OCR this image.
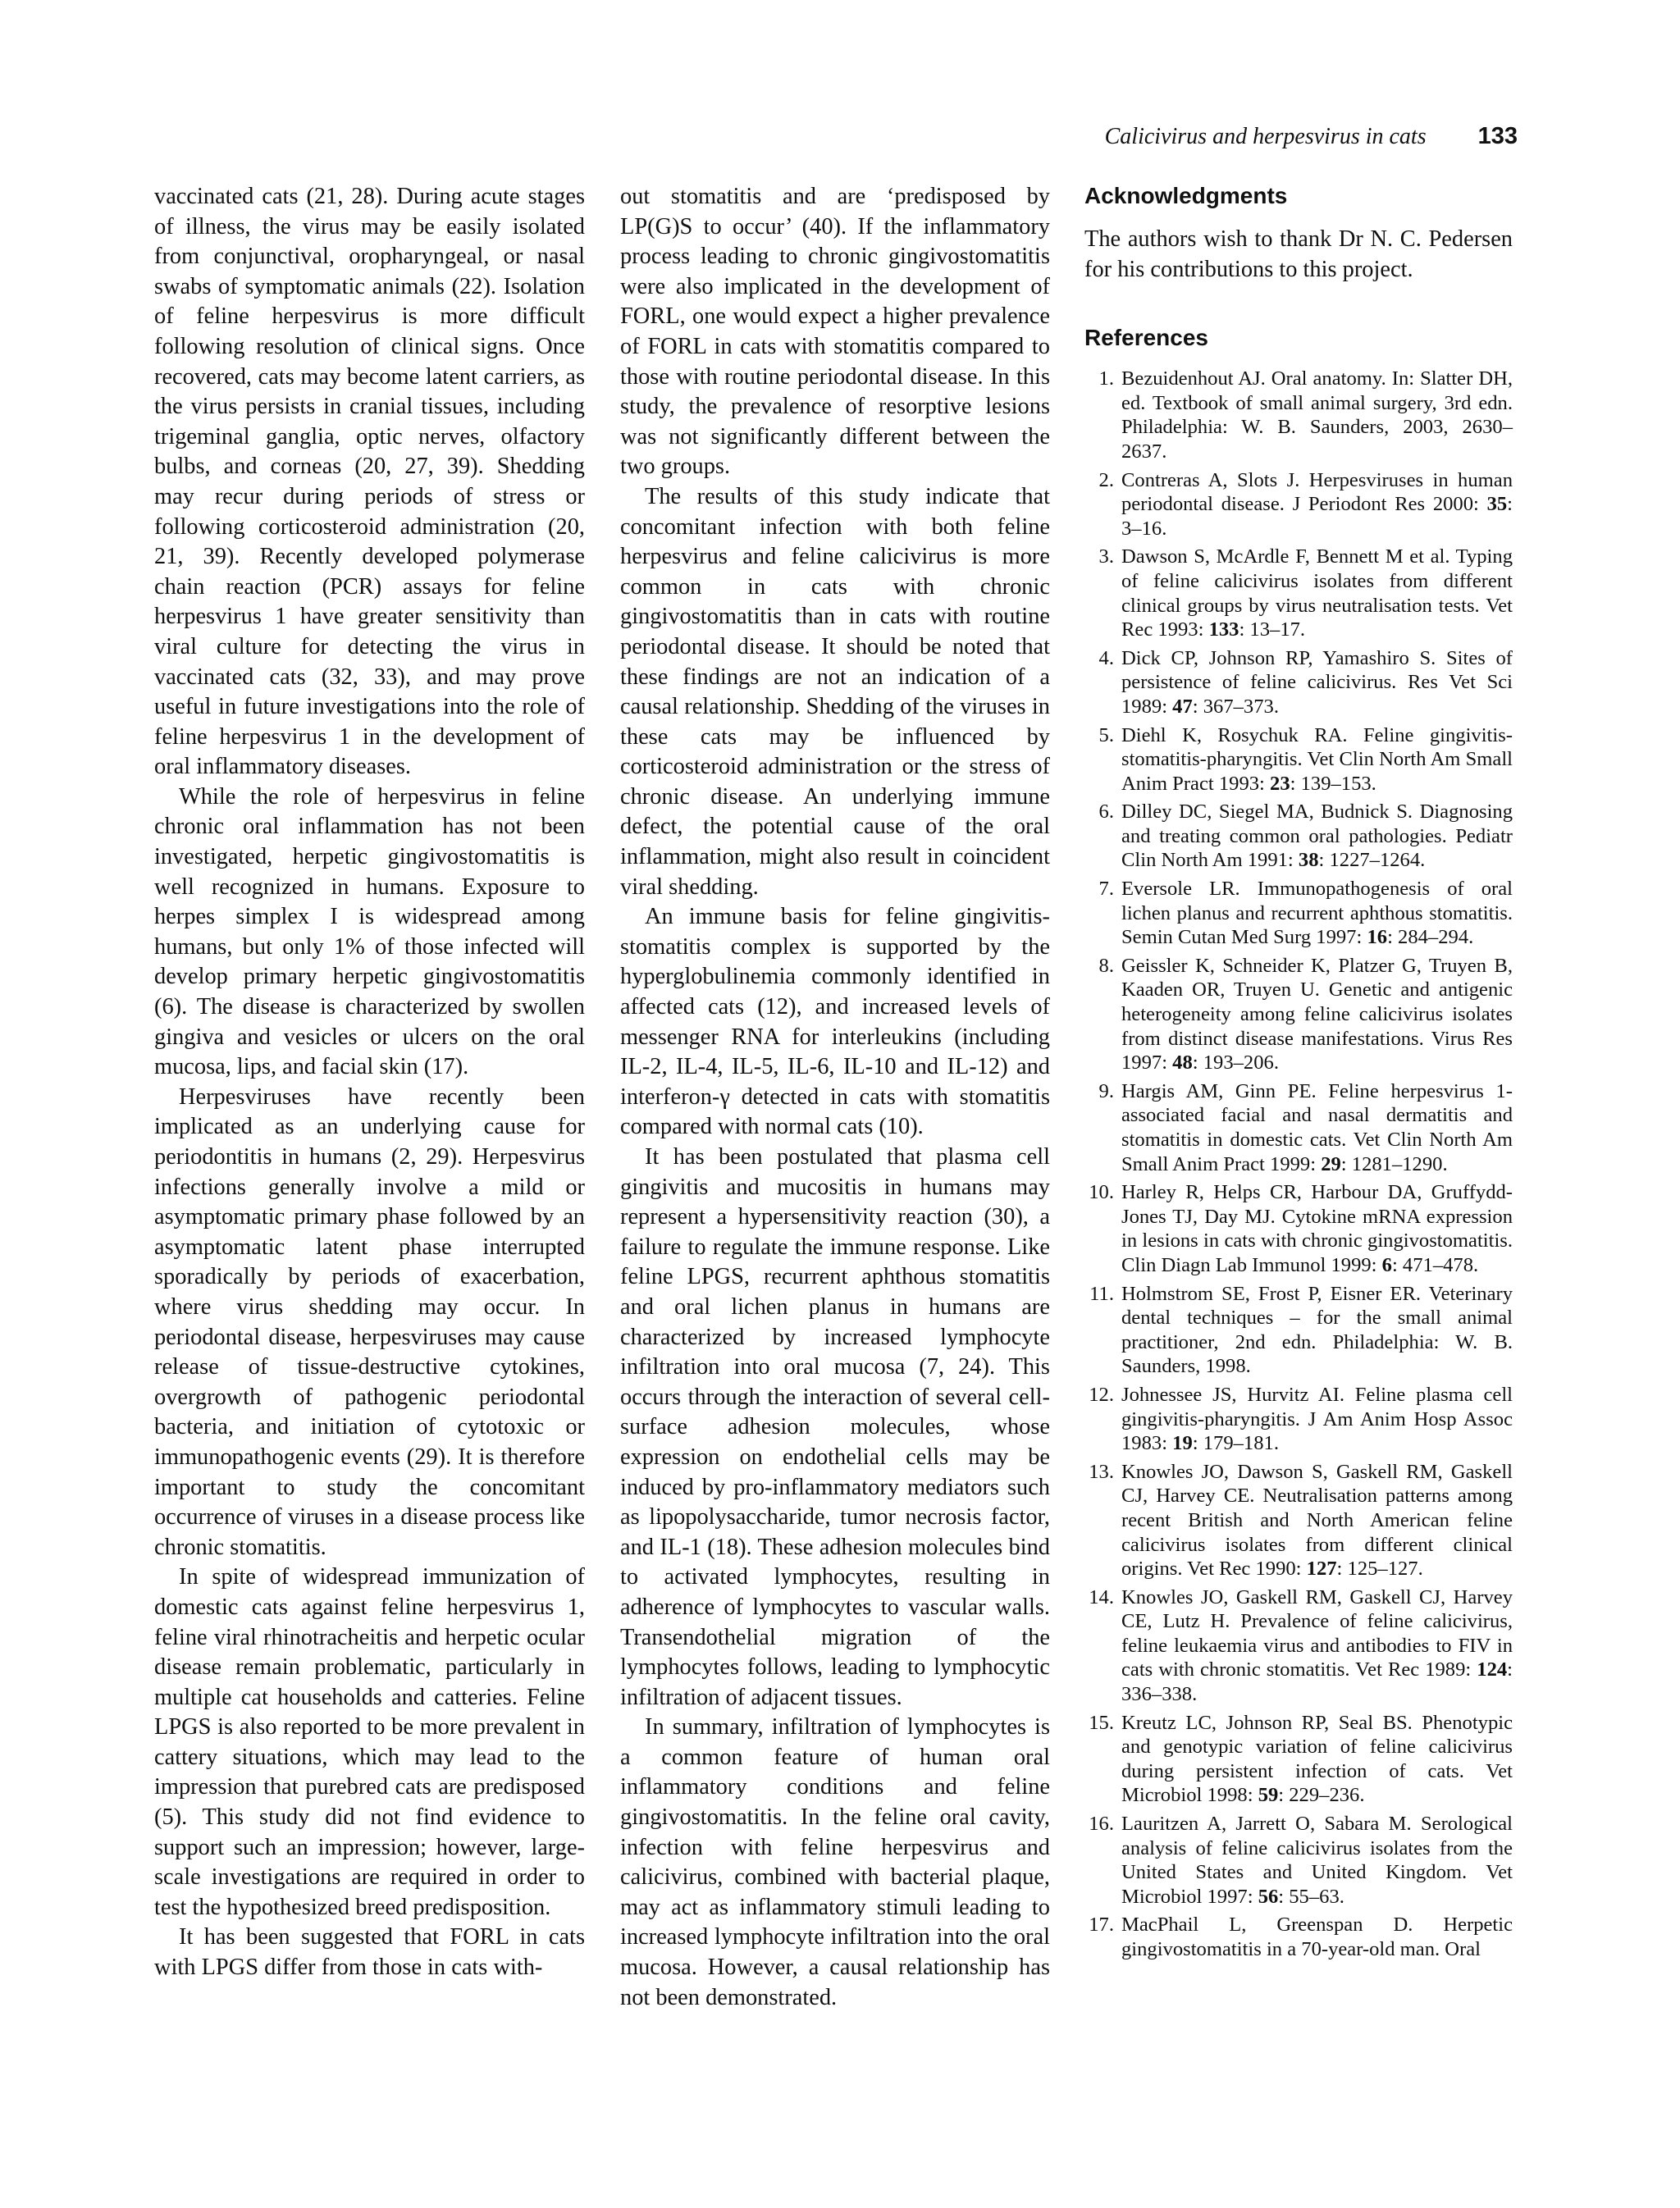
Calicivirus and herpesvirus in cats 133

vaccinated cats (21, 28). During acute stages of illness, the virus may be easily isolated from conjunctival, oropharyngeal, or nasal swabs of symptomatic animals (22). Isolation of feline herpesvirus is more difficult following resolution of clinical signs. Once recovered, cats may become latent carriers, as the virus persists in cranial tissues, including trigeminal ganglia, optic nerves, olfactory bulbs, and corneas (20, 27, 39). Shedding may recur during periods of stress or following corticosteroid administration (20, 21, 39). Recently developed polymerase chain reaction (PCR) assays for feline herpesvirus 1 have greater sensitivity than viral culture for detecting the virus in vaccinated cats (32, 33), and may prove useful in future investigations into the role of feline herpesvirus 1 in the development of oral inflammatory diseases.

While the role of herpesvirus in feline chronic oral inflammation has not been investigated, herpetic gingivostomatitis is well recognized in humans. Exposure to herpes simplex I is widespread among humans, but only 1% of those infected will develop primary herpetic gingivostomatitis (6). The disease is characterized by swollen gingiva and vesicles or ulcers on the oral mucosa, lips, and facial skin (17).

Herpesviruses have recently been implicated as an underlying cause for periodontitis in humans (2, 29). Herpesvirus infections generally involve a mild or asymptomatic primary phase followed by an asymptomatic latent phase interrupted sporadically by periods of exacerbation, where virus shedding may occur. In periodontal disease, herpesviruses may cause release of tissue-destructive cytokines, overgrowth of pathogenic periodontal bacteria, and initiation of cytotoxic or immunopathogenic events (29). It is therefore important to study the concomitant occurrence of viruses in a disease process like chronic stomatitis.

In spite of widespread immunization of domestic cats against feline herpesvirus 1, feline viral rhinotracheitis and herpetic ocular disease remain problematic, particularly in multiple cat households and catteries. Feline LPGS is also reported to be more prevalent in cattery situations, which may lead to the impression that purebred cats are predisposed (5). This study did not find evidence to support such an impression; however, large-scale investigations are required in order to test the hypothesized breed predisposition.

It has been suggested that FORL in cats with LPGS differ from those in cats with-

out stomatitis and are ‘predisposed by LP(G)S to occur’ (40). If the inflammatory process leading to chronic gingivostomatitis were also implicated in the development of FORL, one would expect a higher prevalence of FORL in cats with stomatitis compared to those with routine periodontal disease. In this study, the prevalence of resorptive lesions was not significantly different between the two groups.

The results of this study indicate that concomitant infection with both feline herpesvirus and feline calicivirus is more common in cats with chronic gingivostomatitis than in cats with routine periodontal disease. It should be noted that these findings are not an indication of a causal relationship. Shedding of the viruses in these cats may be influenced by corticosteroid administration or the stress of chronic disease. An underlying immune defect, the potential cause of the oral inflammation, might also result in coincident viral shedding.

An immune basis for feline gingivitis-stomatitis complex is supported by the hyperglobulinemia commonly identified in affected cats (12), and increased levels of messenger RNA for interleukins (including IL-2, IL-4, IL-5, IL-6, IL-10 and IL-12) and interferon-γ detected in cats with stomatitis compared with normal cats (10).

It has been postulated that plasma cell gingivitis and mucositis in humans may represent a hypersensitivity reaction (30), a failure to regulate the immune response. Like feline LPGS, recurrent aphthous stomatitis and oral lichen planus in humans are characterized by increased lymphocyte infiltration into oral mucosa (7, 24). This occurs through the interaction of several cell-surface adhesion molecules, whose expression on endothelial cells may be induced by pro-inflammatory mediators such as lipopolysaccharide, tumor necrosis factor, and IL-1 (18). These adhesion molecules bind to activated lymphocytes, resulting in adherence of lymphocytes to vascular walls. Transendothelial migration of the lymphocytes follows, leading to lymphocytic infiltration of adjacent tissues.

In summary, infiltration of lymphocytes is a common feature of human oral inflammatory conditions and feline gingivostomatitis. In the feline oral cavity, infection with feline herpesvirus and calicivirus, combined with bacterial plaque, may act as inflammatory stimuli leading to increased lymphocyte infiltration into the oral mucosa. However, a causal relationship has not been demonstrated.

Acknowledgments

The authors wish to thank Dr N. C. Pedersen for his contributions to this project.

References
1. Bezuidenhout AJ. Oral anatomy. In: Slatter DH, ed. Textbook of small animal surgery, 3rd edn. Philadelphia: W. B. Saunders, 2003, 2630–2637.
2. Contreras A, Slots J. Herpesviruses in human periodontal disease. J Periodont Res 2000: 35: 3–16.
3. Dawson S, McArdle F, Bennett M et al. Typing of feline calicivirus isolates from different clinical groups by virus neutralisation tests. Vet Rec 1993: 133: 13–17.
4. Dick CP, Johnson RP, Yamashiro S. Sites of persistence of feline calicivirus. Res Vet Sci 1989: 47: 367–373.
5. Diehl K, Rosychuk RA. Feline gingivitis-stomatitis-pharyngitis. Vet Clin North Am Small Anim Pract 1993: 23: 139–153.
6. Dilley DC, Siegel MA, Budnick S. Diagnosing and treating common oral pathologies. Pediatr Clin North Am 1991: 38: 1227–1264.
7. Eversole LR. Immunopathogenesis of oral lichen planus and recurrent aphthous stomatitis. Semin Cutan Med Surg 1997: 16: 284–294.
8. Geissler K, Schneider K, Platzer G, Truyen B, Kaaden OR, Truyen U. Genetic and antigenic heterogeneity among feline calicivirus isolates from distinct disease manifestations. Virus Res 1997: 48: 193–206.
9. Hargis AM, Ginn PE. Feline herpesvirus 1-associated facial and nasal dermatitis and stomatitis in domestic cats. Vet Clin North Am Small Anim Pract 1999: 29: 1281–1290.
10. Harley R, Helps CR, Harbour DA, Gruffydd-Jones TJ, Day MJ. Cytokine mRNA expression in lesions in cats with chronic gingivostomatitis. Clin Diagn Lab Immunol 1999: 6: 471–478.
11. Holmstrom SE, Frost P, Eisner ER. Veterinary dental techniques – for the small animal practitioner, 2nd edn. Philadelphia: W. B. Saunders, 1998.
12. Johnessee JS, Hurvitz AI. Feline plasma cell gingivitis-pharyngitis. J Am Anim Hosp Assoc 1983: 19: 179–181.
13. Knowles JO, Dawson S, Gaskell RM, Gaskell CJ, Harvey CE. Neutralisation patterns among recent British and North American feline calicivirus isolates from different clinical origins. Vet Rec 1990: 127: 125–127.
14. Knowles JO, Gaskell RM, Gaskell CJ, Harvey CE, Lutz H. Prevalence of feline calicivirus, feline leukaemia virus and antibodies to FIV in cats with chronic stomatitis. Vet Rec 1989: 124: 336–338.
15. Kreutz LC, Johnson RP, Seal BS. Phenotypic and genotypic variation of feline calicivirus during persistent infection of cats. Vet Microbiol 1998: 59: 229–236.
16. Lauritzen A, Jarrett O, Sabara M. Serological analysis of feline calicivirus isolates from the United States and United Kingdom. Vet Microbiol 1997: 56: 55–63.
17. MacPhail L, Greenspan D. Herpetic gingivostomatitis in a 70-year-old man. Oral
